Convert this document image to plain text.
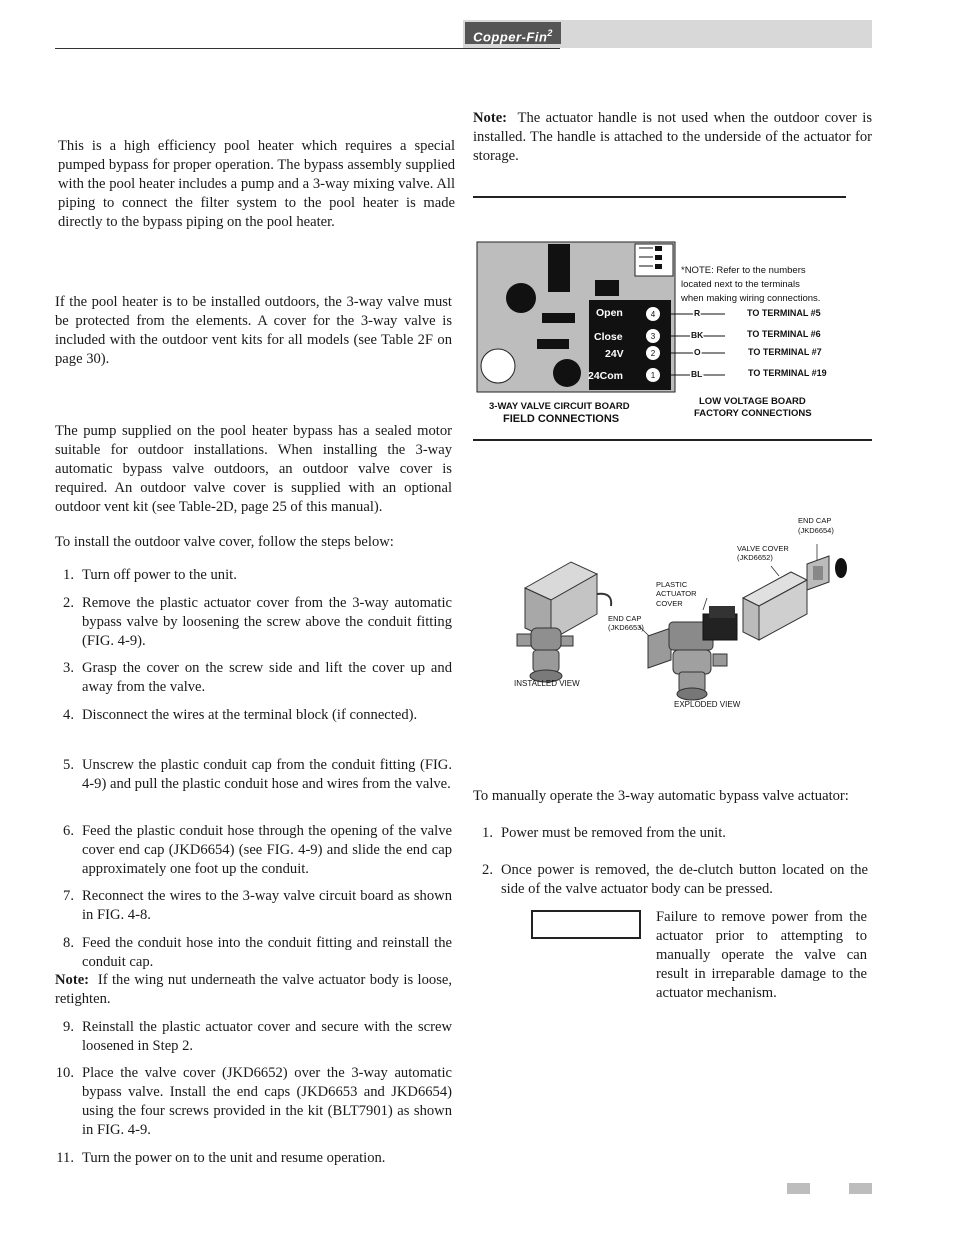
Copper-Fin$^2$
This is a high efficiency pool heater which requires a special pumped bypass for proper operation. The bypass assembly supplied with the pool heater includes a pump and a 3-way mixing valve. All piping to connect the filter system to the pool heater is made directly to the bypass piping on the pool heater.
If the pool heater is to be installed outdoors, the 3-way valve must be protected from the elements. A cover for the 3-way valve is included with the outdoor vent kits for all models (see Table 2F on page 30).
The pump supplied on the pool heater bypass has a sealed motor suitable for outdoor installations. When installing the 3-way automatic bypass valve outdoors, an outdoor valve cover is required. An outdoor valve cover is supplied with an optional outdoor vent kit (see Table-2D, page 25 of this manual).
To install the outdoor valve cover, follow the steps below:
1. Turn off power to the unit.
2. Remove the plastic actuator cover from the 3-way automatic bypass valve by loosening the screw above the conduit fitting (FIG. 4-9).
3. Grasp the cover on the screw side and lift the cover up and away from the valve.
4. Disconnect the wires at the terminal block (if connected).
5. Unscrew the plastic conduit cap from the conduit fitting (FIG. 4-9) and pull the plastic conduit hose and wires from the valve.
6. Feed the plastic conduit hose through the opening of the valve cover end cap (JKD6654) (see FIG. 4-9) and slide the end cap approximately one foot up the conduit.
7. Reconnect the wires to the 3-way valve circuit board as shown in FIG. 4-8.
8. Feed the conduit hose into the conduit fitting and reinstall the conduit cap.
Note: If the wing nut underneath the valve actuator body is loose, retighten.
9. Reinstall the plastic actuator cover and secure with the screw loosened in Step 2.
10. Place the valve cover (JKD6652) over the 3-way automatic bypass valve. Install the end caps (JKD6653 and JKD6654) using the four screws provided in the kit (BLT7901) as shown in FIG. 4-9.
11. Turn the power on to the unit and resume operation.
Note: The actuator handle is not used when the outdoor cover is installed. The handle is attached to the underside of the actuator for storage.
4
3
2
1
Open
Close
24V
24Com
R
BK
O
BL
TO TERMINAL #5
TO TERMINAL #6
TO TERMINAL #7
TO TERMINAL #19
*NOTE: Refer to the numbers
located next to the terminals
when making wiring connections.
3-WAY VALVE CIRCUIT BOARD
FIELD CONNECTIONS
LOW VOLTAGE BOARD
FACTORY CONNECTIONS
END CAP
(JKD6654)
VALVE COVER
(JKD6652)
PLASTIC
ACTUATOR
COVER
END CAP
(JKD6653)
INSTALLED VIEW
EXPLODED VIEW
To manually operate the 3-way automatic bypass valve actuator:
1. Power must be removed from the unit.
2. Once power is removed, the de-clutch button located on the side of the valve actuator body can be pressed.
Failure to remove power from the actuator prior to attempting to manually operate the valve can result in irreparable damage to the actuator mechanism.
